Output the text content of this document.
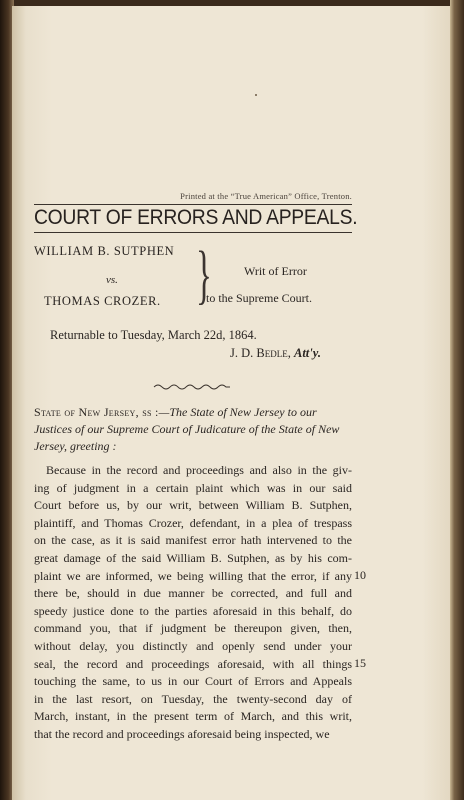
Printed at the “True American” Office, Trenton.
COURT OF ERRORS AND APPEALS.
WILLIAM B. SUTPHEN
vs.
THOMAS CROZER. }	Writ of Error
to the Supreme Court.
Returnable to Tuesday, March 22d, 1864.
J. D. Bedle, Att'y.
State of New Jersey, ss :—The State of New Jersey to our Justices of our Supreme Court of Judicature of the State of New Jersey, greeting :
Because in the record and proceedings and also in the giv-
ing of judgment in a certain plaint which was in our said
Court before us, by our writ, between William B. Sutphen,
plaintiff, and Thomas Crozer, defendant, in a plea of trespass
on the case, as it is said manifest error hath intervened to the
great damage of the said William B. Sutphen, as by his com-
plaint we are informed, we being willing that the error, if any
there be, should in due manner be corrected, and full and
speedy justice done to the parties aforesaid in this behalf, do
command you, that if judgment be thereupon given, then,
without delay, you distinctly and openly send under your
seal, the record and proceedings aforesaid, with all things
touching the same, to us in our Court of Errors and Appeals
in the last resort, on Tuesday, the twenty-second day of
March, instant, in the present term of March, and this writ,
that the record and proceedings aforesaid being inspected, we
10
15
